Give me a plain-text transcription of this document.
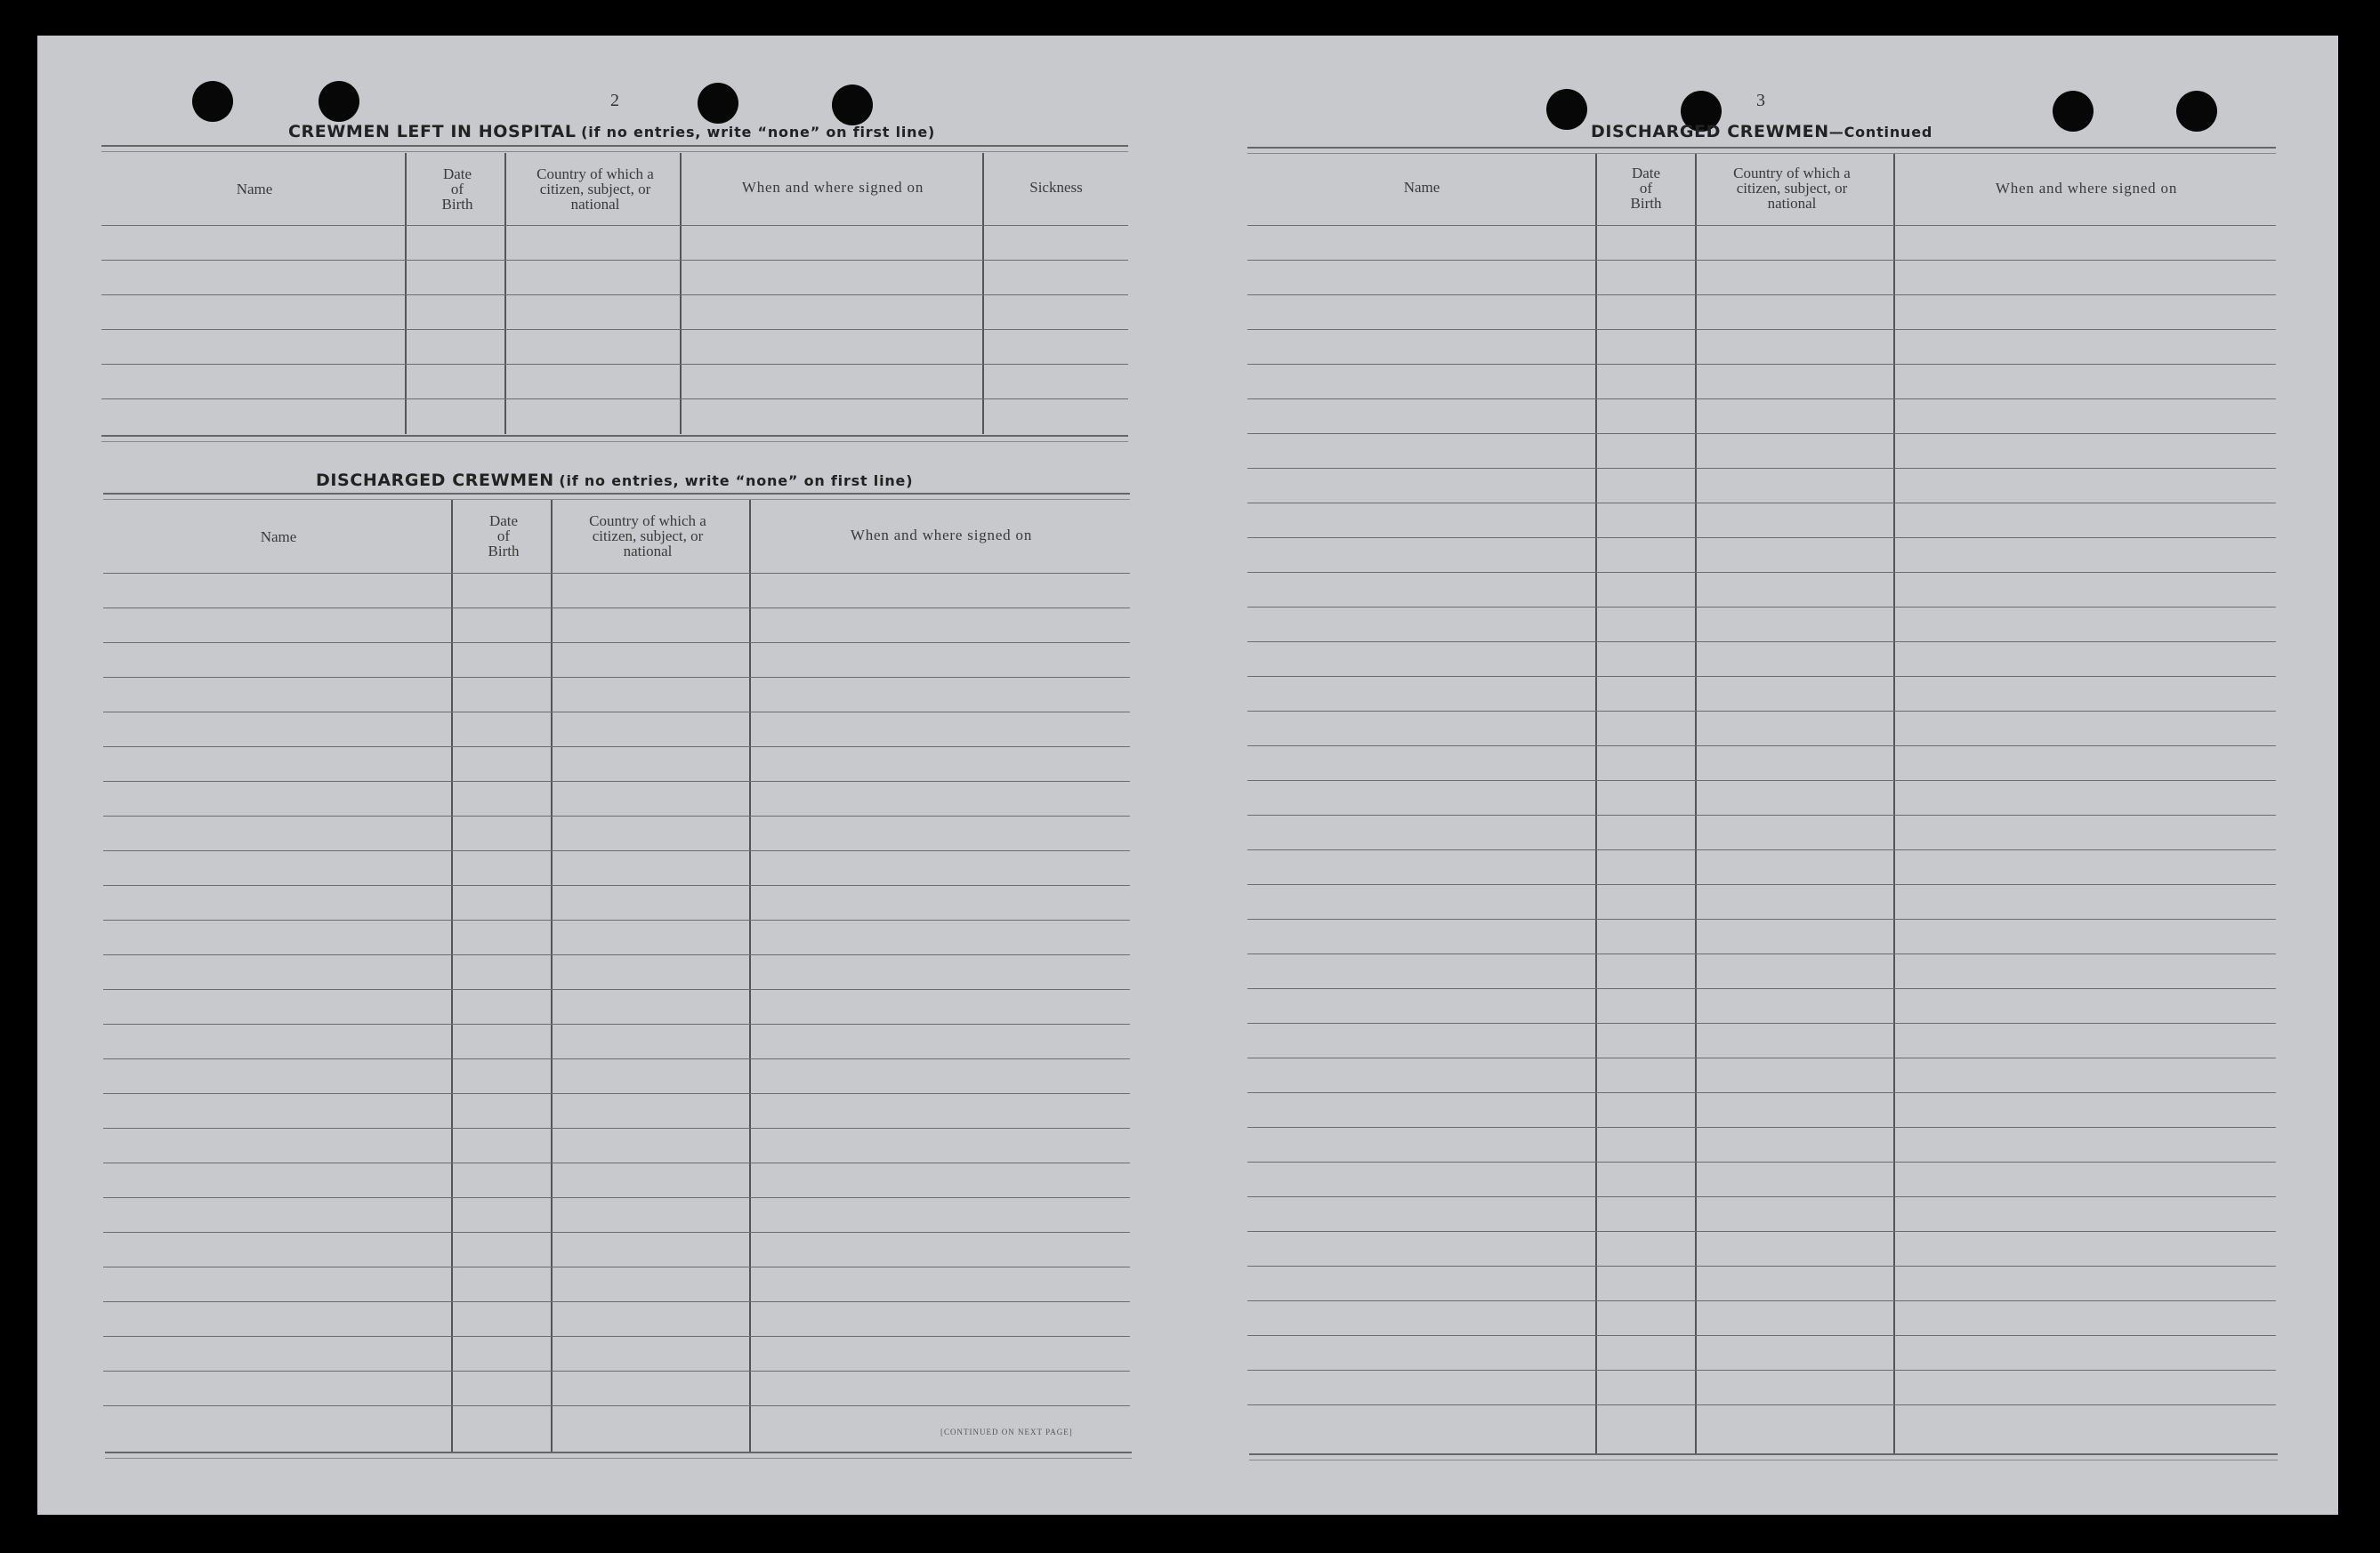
2
CREWMEN LEFT IN HOSPITAL (if no entries, write “none” on first line)
Name
Date
of
Birth
Country of which a
citizen, subject, or
national
When and where signed on	Sickness
DISCHARGED CREWMEN (if no entries, write “none” on first line)
Name
Date
of
Birth
Country of which a
citizen, subject, or
national
When and where signed on
[CONTINUED ON NEXT PAGE]
3
DISCHARGED CREWMEN—Continued
Name
Date
of
Birth
Country of which a
citizen, subject, or
national
When and where signed on
